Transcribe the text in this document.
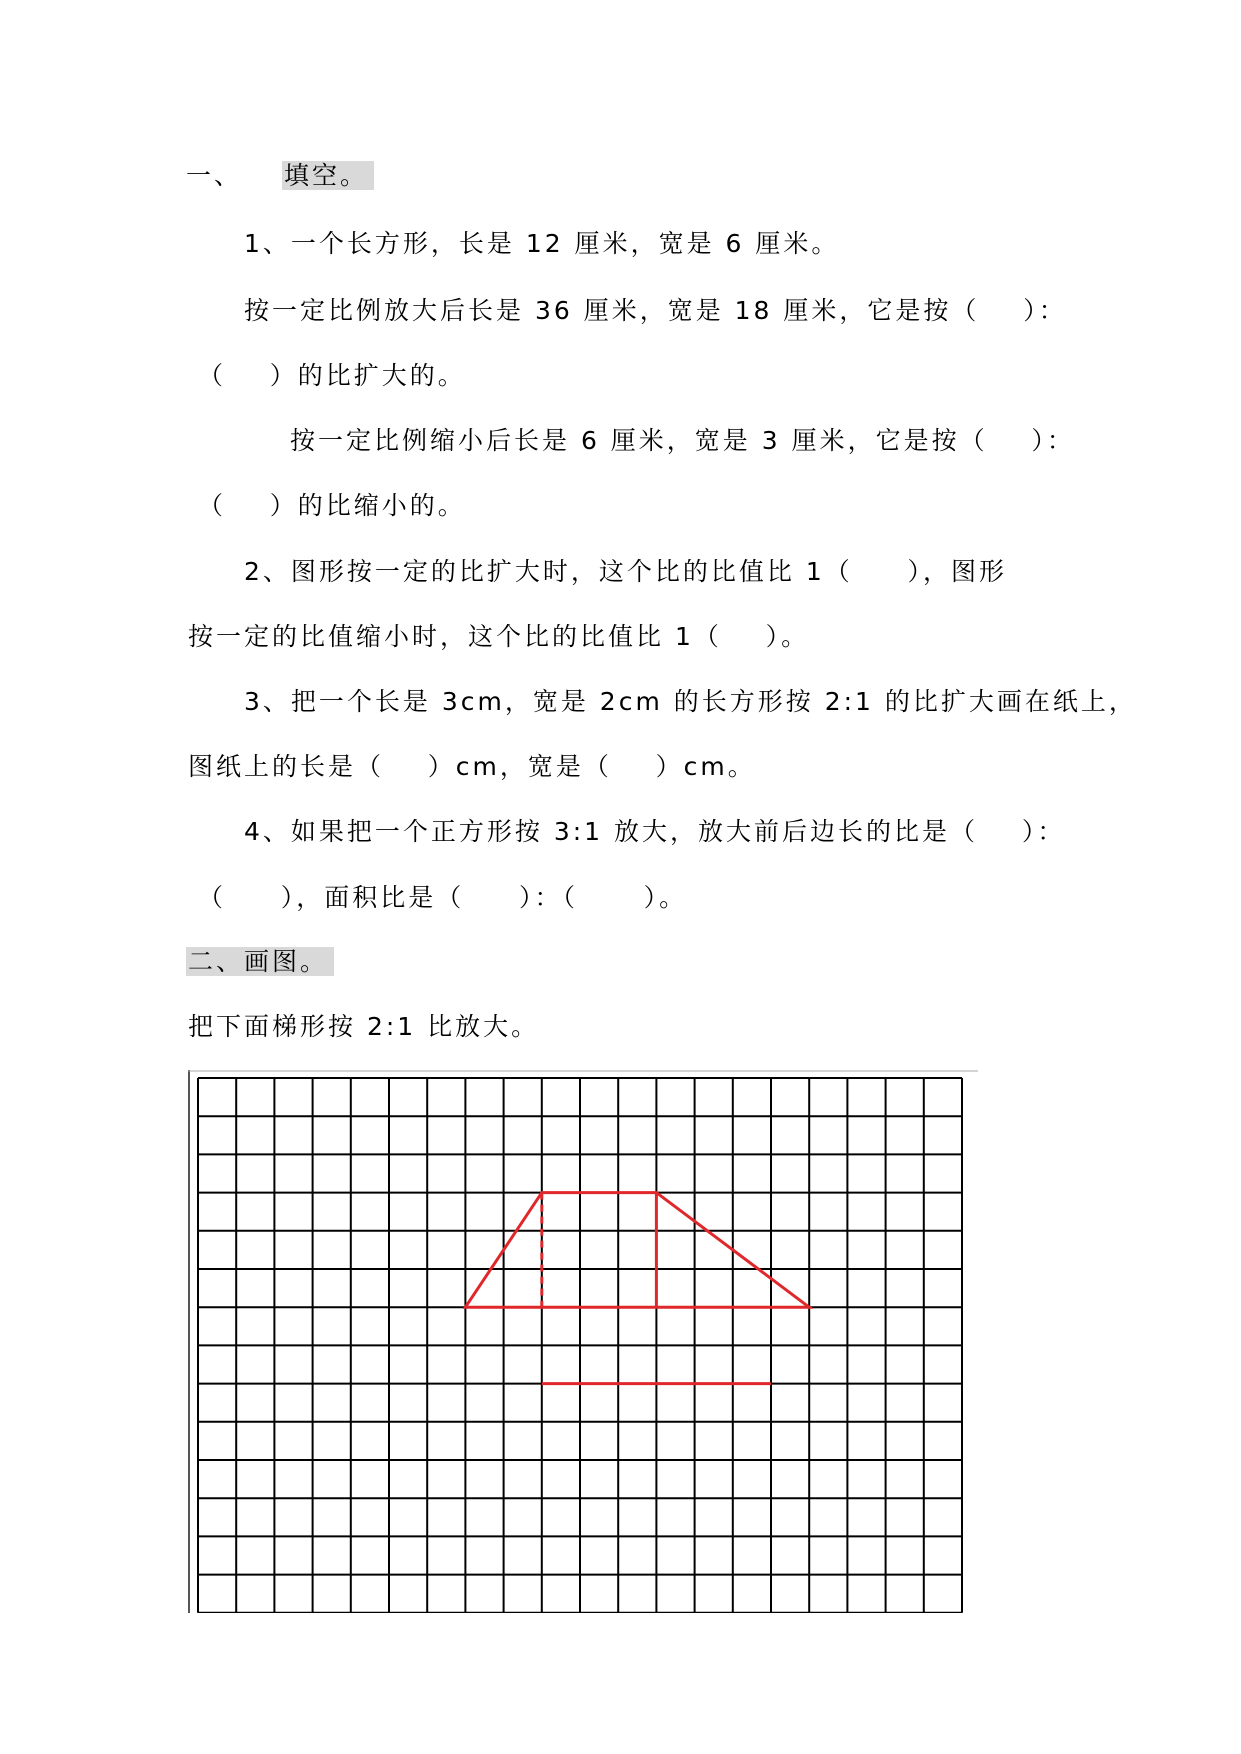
一、 填空。

1、一个长方形，长是 12 厘米，宽是 6 厘米。

按一定比例放大后长是 36 厘米，宽是 18 厘米，它是按（    ）：

（    ）的比扩大的。

按一定比例缩小后长是 6 厘米，宽是 3 厘米，它是按（    ）：

（    ）的比缩小的。

2、图形按一定的比扩大时，这个比的比值比 1（     ），图形

按一定的比值缩小时，这个比的比值比 1（    ）。

3、把一个长是 3cm，宽是 2cm 的长方形按 2:1 的比扩大画在纸上，

图纸上的长是（    ）cm，宽是（    ）cm。

4、如果把一个正方形按 3:1 放大，放大前后边长的比是（    ）：

（     ），面积比是（     ）：（      ）。

二、画图。

把下面梯形按 2:1 比放大。
